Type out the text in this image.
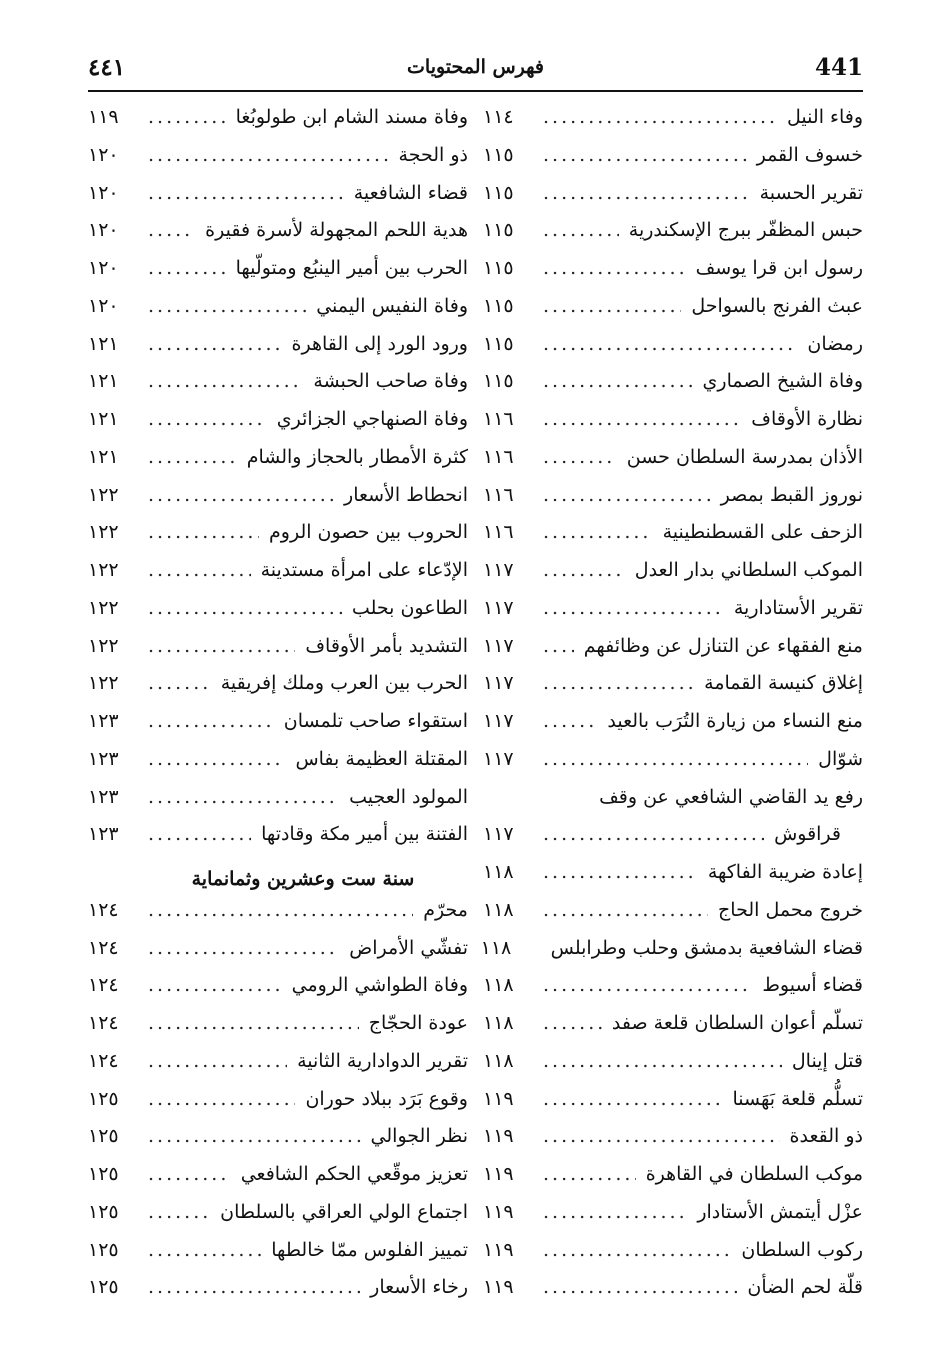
441
فهرس المحتويات
٤٤١
وفاء النيل
.....
١١٤
خسوف القمر
.....
١١٥
تقرير الحسبة
.....
١١٥
حبس المظفّر ببرج الإسكندرية
.....
١١٥
رسول ابن قرا يوسف
.....
١١٥
عبث الفرنج بالسواحل
.....
١١٥
رمضان
.....
١١٥
وفاة الشيخ الصماري
.....
١١٥
نظارة الأوقاف
.....
١١٦
الأذان بمدرسة السلطان حسن
.....
١١٦
نوروز القبط بمصر
.....
١١٦
الزحف على القسطنطينية
.....
١١٦
الموكب السلطاني بدار العدل
.....
١١٧
تقرير الأستادارية
.....
١١٧
منع الفقهاء عن التنازل عن وظائفهم
.....
١١٧
إغلاق كنيسة القمامة
.....
١١٧
منع النساء من زيارة التُرَب بالعيد
.....
١١٧
شوّال
.....
١١٧
رفع يد القاضي الشافعي عن وقف
قراقوش
.....
١١٧
إعادة ضريبة الفاكهة
.....
١١٨
خروج محمل الحاج
.....
١١٨
قضاء الشافعية بدمشق وحلب وطرابلس
١١٨
قضاء أسيوط
.....
١١٨
تسلّم أعوان السلطان قلعة صفد
.....
١١٨
قتل إينال
.....
١١٨
تسلُّم قلعة بَهَسنا
.....
١١٩
ذو القعدة
.....
١١٩
موكب السلطان في القاهرة
.....
١١٩
عزْل أيتمش الأستادار
.....
١١٩
ركوب السلطان
.....
١١٩
قلّة لحم الضأن
.....
١١٩
وفاة مسند الشام ابن طولوبُغا
.....
١١٩
ذو الحجة
.....
١٢٠
قضاء الشافعية
.....
١٢٠
هدية اللحم المجهولة لأسرة فقيرة
.....
١٢٠
الحرب بين أمير الينبُع ومتولّيها
.....
١٢٠
وفاة النفيس اليمني
.....
١٢٠
ورود الورد إلى القاهرة
.....
١٢١
وفاة صاحب الحبشة
.....
١٢١
وفاة الصنهاجي الجزائري
.....
١٢١
كثرة الأمطار بالحجاز والشام
.....
١٢١
انحطاط الأسعار
.....
١٢٢
الحروب بين حصون الروم
.....
١٢٢
الإدّعاء على امرأة مستدينة
.....
١٢٢
الطاعون بحلب
.....
١٢٢
التشديد بأمر الأوقاف
.....
١٢٢
الحرب بين العرب وملك إفريقية
.....
١٢٢
استقواء صاحب تلمسان
.....
١٢٣
المقتلة العظيمة بفاس
.....
١٢٣
المولود العجيب
.....
١٢٣
الفتنة بين أمير مكة وقادتها
.....
١٢٣
سنة ست وعشرين وثمانماية
محرّم
.....
١٢٤
تفشّي الأمراض
.....
١٢٤
وفاة الطواشي الرومي
.....
١٢٤
عودة الحجّاج
.....
١٢٤
تقرير الدوادارية الثانية
.....
١٢٤
وقوع بَرَد ببلاد حوران
.....
١٢٥
نظر الجوالي
.....
١٢٥
تعزيز موقّعي الحكم الشافعي
.....
١٢٥
اجتماع الولي العراقي بالسلطان
.....
١٢٥
تمييز الفلوس ممّا خالطها
.....
١٢٥
رخاء الأسعار
.....
١٢٥
